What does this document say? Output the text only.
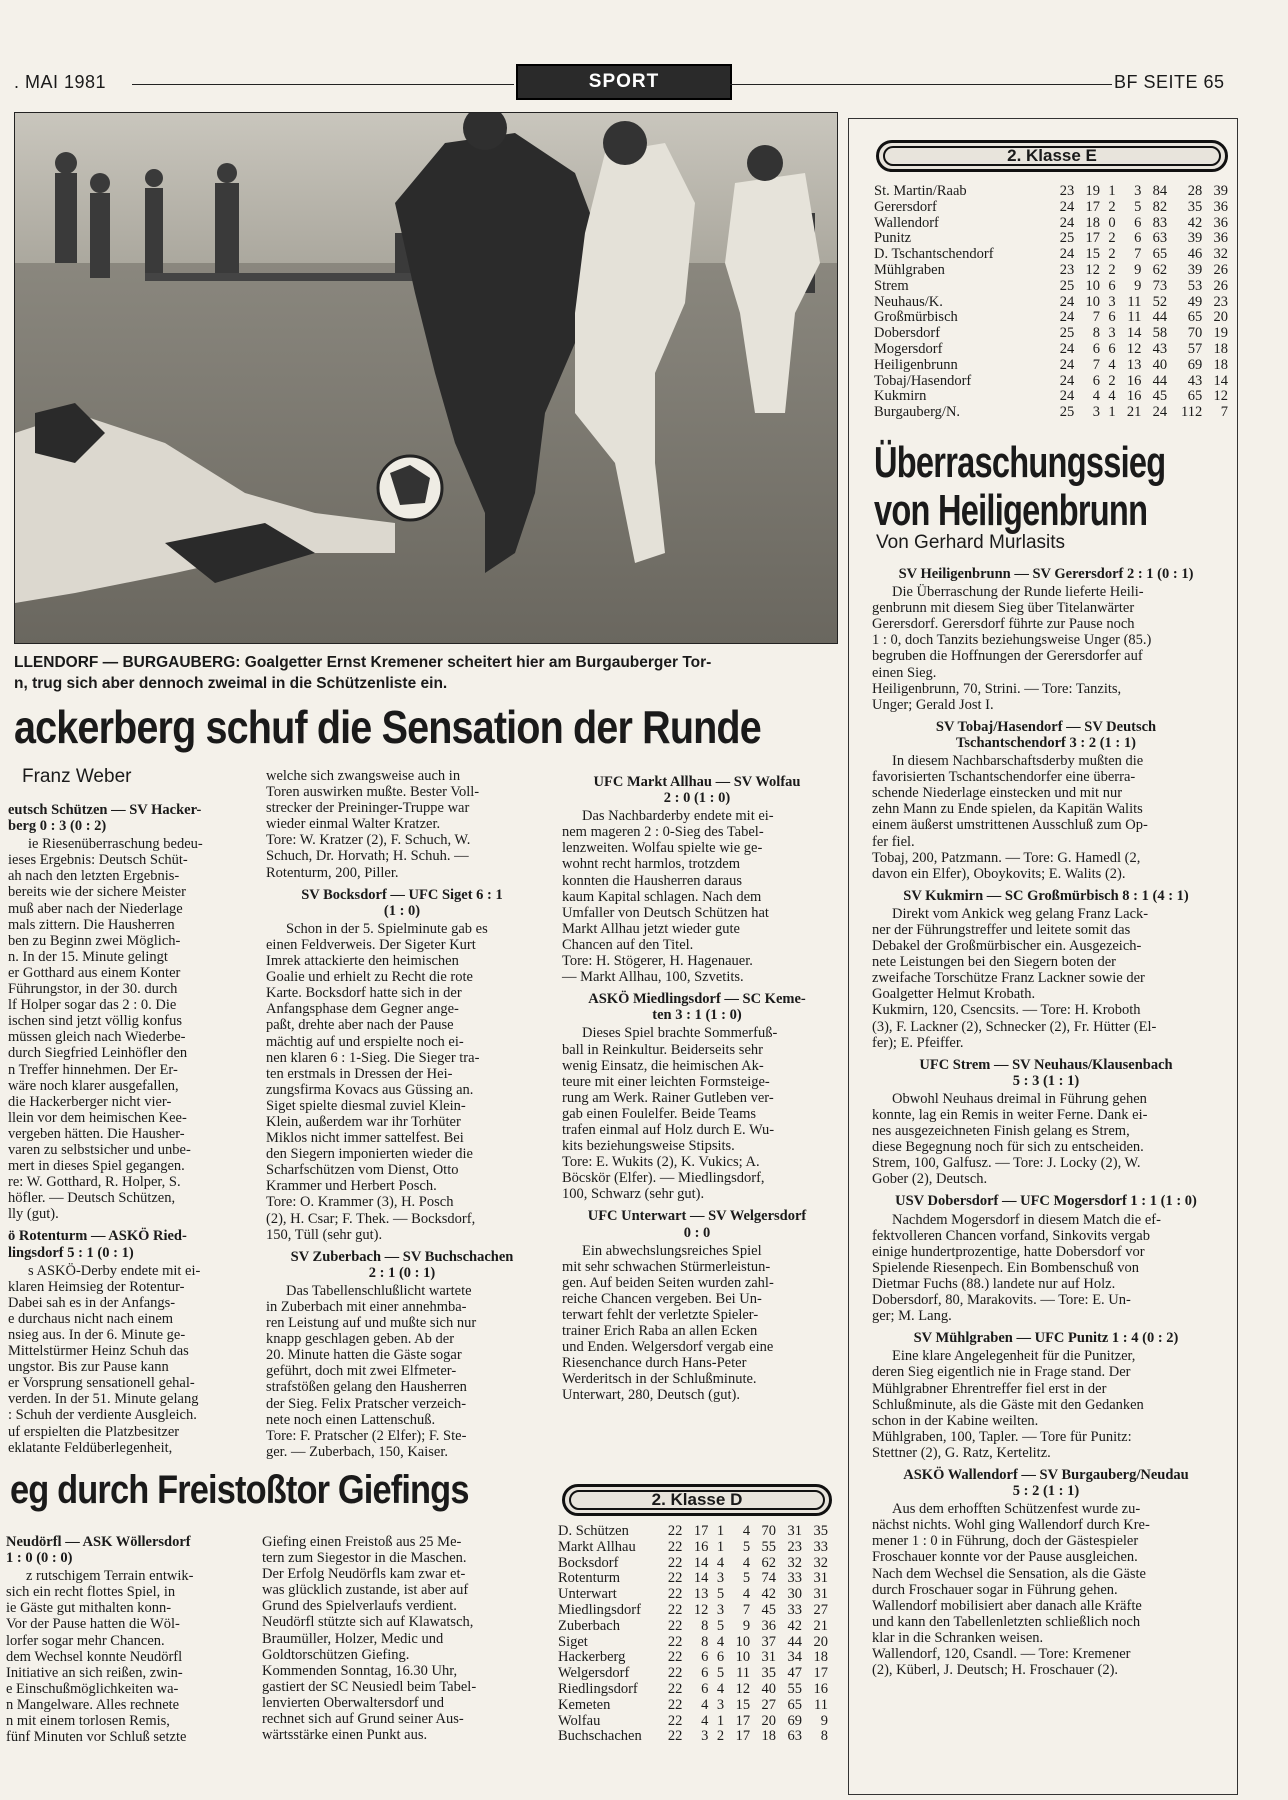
. MAI 1981	SPORT	BF SEITE 65
LLENDORF — BURGAUBERG: Goalgetter Ernst Kremener scheitert hier am Burgauberger Tor-
n, trug sich aber dennoch zweimal in die Schützenliste ein.
ackerberg schuf die Sensation der Runde
Franz Weber

eutsch Schützen — SV Hacker-
berg 0 : 3 (0 : 2)

ie Riesenüberraschung bedeu-
ieses Ergebnis: Deutsch Schüt-
ah nach den letzten Ergebnis-
bereits wie der sichere Meister
muß aber nach der Niederlage
mals zittern. Die Hausherren
ben zu Beginn zwei Möglich-
n. In der 15. Minute gelingt
er Gotthard aus einem Konter
Führungstor, in der 30. durch
lf Holper sogar das 2 : 0. Die
ischen sind jetzt völlig konfus
müssen gleich nach Wiederbe-
durch Siegfried Leinhöfler den
n Treffer hinnehmen. Der Er-
wäre noch klarer ausgefallen,
die Hackerberger nicht vier-
llein vor dem heimischen Kee-
vergeben hätten. Die Hausher-
varen zu selbstsicher und unbe-
mert in dieses Spiel gegangen.
re: W. Gotthard, R. Holper, S.
höfler. — Deutsch Schützen,
lly (gut).

ö Rotenturm — ASKÖ Ried-
lingsdorf 5 : 1 (0 : 1)

s ASKÖ-Derby endete mit ei-
klaren Heimsieg der Rotentur-
Dabei sah es in der Anfangs-
e durchaus nicht nach einem
nsieg aus. In der 6. Minute ge-
Mittelstürmer Heinz Schuh das
ungstor. Bis zur Pause kann
er Vorsprung sensationell gehal-
verden. In der 51. Minute gelang
: Schuh der verdiente Ausgleich.
uf erspielten die Platzbesitzer
eklatante Feldüberlegenheit,

welche sich zwangsweise auch in
Toren auswirken mußte. Bester Voll-
strecker der Preininger-Truppe war
wieder einmal Walter Kratzer.
Tore: W. Kratzer (2), F. Schuch, W.
Schuch, Dr. Horvath; H. Schuh. —
Rotenturm, 200, Piller.

SV Bocksdorf — UFC Siget 6 : 1
(1 : 0)

Schon in der 5. Spielminute gab es
einen Feldverweis. Der Sigeter Kurt
Imrek attackierte den heimischen
Goalie und erhielt zu Recht die rote
Karte. Bocksdorf hatte sich in der
Anfangsphase dem Gegner ange-
paßt, drehte aber nach der Pause
mächtig auf und erspielte noch ei-
nen klaren 6 : 1-Sieg. Die Sieger tra-
ten erstmals in Dressen der Hei-
zungsfirma Kovacs aus Güssing an.
Siget spielte diesmal zuviel Klein-
Klein, außerdem war ihr Torhüter
Miklos nicht immer sattelfest. Bei
den Siegern imponierten wieder die
Scharfschützen vom Dienst, Otto
Krammer und Herbert Posch.
Tore: O. Krammer (3), H. Posch
(2), H. Csar; F. Thek. — Bocksdorf,
150, Tüll (sehr gut).

SV Zuberbach — SV Buchschachen
2 : 1 (0 : 1)

Das Tabellenschlußlicht wartete
in Zuberbach mit einer annehmba-
ren Leistung auf und mußte sich nur
knapp geschlagen geben. Ab der
20. Minute hatten die Gäste sogar
geführt, doch mit zwei Elfmeter-
strafstößen gelang den Hausherren
der Sieg. Felix Pratscher verzeich-
nete noch einen Lattenschuß.
Tore: F. Pratscher (2 Elfer); F. Ste-
ger. — Zuberbach, 150, Kaiser.

UFC Markt Allhau — SV Wolfau
2 : 0 (1 : 0)

Das Nachbarderby endete mit ei-
nem mageren 2 : 0-Sieg des Tabel-
lenzweiten. Wolfau spielte wie ge-
wohnt recht harmlos, trotzdem
konnten die Hausherren daraus
kaum Kapital schlagen. Nach dem
Umfaller von Deutsch Schützen hat
Markt Allhau jetzt wieder gute
Chancen auf den Titel.
Tore: H. Stögerer, H. Hagenauer.
— Markt Allhau, 100, Szvetits.

ASKÖ Miedlingsdorf — SC Keme-
ten 3 : 1 (1 : 0)

Dieses Spiel brachte Sommerfuß-
ball in Reinkultur. Beiderseits sehr
wenig Einsatz, die heimischen Ak-
teure mit einer leichten Formsteige-
rung am Werk. Rainer Gutleben ver-
gab einen Foulelfer. Beide Teams
trafen einmal auf Holz durch E. Wu-
kits beziehungsweise Stipsits.
Tore: E. Wukits (2), K. Vukics; A.
Böcskör (Elfer). — Miedlingsdorf,
100, Schwarz (sehr gut).

UFC Unterwart — SV Welgersdorf
0 : 0

Ein abwechslungsreiches Spiel
mit sehr schwachen Stürmerleistun-
gen. Auf beiden Seiten wurden zahl-
reiche Chancen vergeben. Bei Un-
terwart fehlt der verletzte Spieler-
trainer Erich Raba an allen Ecken
und Enden. Welgersdorf vergab eine
Riesenchance durch Hans-Peter
Werderitsch in der Schlußminute.
Unterwart, 280, Deutsch (gut).

eg durch Freistoßtor Giefings

Neudörfl — ASK Wöllersdorf
1 : 0 (0 : 0)

z rutschigem Terrain entwik-
sich ein recht flottes Spiel, in
ie Gäste gut mithalten konn-
Vor der Pause hatten die Wöl-
lorfer sogar mehr Chancen.
dem Wechsel konnte Neudörfl
Initiative an sich reißen, zwin-
e Einschußmöglichkeiten wa-
n Mangelware. Alles rechnete
n mit einem torlosen Remis,
fünf Minuten vor Schluß setzte

Giefing einen Freistoß aus 25 Me-
tern zum Siegestor in die Maschen.
Der Erfolg Neudörfls kam zwar et-
was glücklich zustande, ist aber auf
Grund des Spielverlaufs verdient.
Neudörfl stützte sich auf Klawatsch,
Braumüller, Holzer, Medic und
Goldtorschützen Giefing.
Kommenden Sonntag, 16.30 Uhr,
gastiert der SC Neusiedl beim Tabel-
lenvierten Oberwaltersdorf und
rechnet sich auf Grund seiner Aus-
wärtsstärke einen Punkt aus.

2. Klasse D
D. Schützen	22	17	1	4	70	31	35
Markt Allhau	22	16	1	5	55	23	33
Bocksdorf	22	14	4	4	62	32	32
Rotenturm	22	14	3	5	74	33	31
Unterwart	22	13	5	4	42	30	31
Miedlingsdorf	22	12	3	7	45	33	27
Zuberbach	22	8	5	9	36	42	21
Siget	22	8	4	10	37	44	20
Hackerberg	22	6	6	10	31	34	18
Welgersdorf	22	6	5	11	35	47	17
Riedlingsdorf	22	6	4	12	40	55	16
Kemeten	22	4	3	15	27	65	11
Wolfau	22	4	1	17	20	69	9
Buchschachen	22	3	2	17	18	63	8
2. Klasse E
St. Martin/Raab	23	19	1	3	84	28	39
Gerersdorf	24	17	2	5	82	35	36
Wallendorf	24	18	0	6	83	42	36
Punitz	25	17	2	6	63	39	36
D. Tschantschendorf	24	15	2	7	65	46	32
Mühlgraben	23	12	2	9	62	39	26
Strem	25	10	6	9	73	53	26
Neuhaus/K.	24	10	3	11	52	49	23
Großmürbisch	24	7	6	11	44	65	20
Dobersdorf	25	8	3	14	58	70	19
Mogersdorf	24	6	6	12	43	57	18
Heiligenbrunn	24	7	4	13	40	69	18
Tobaj/Hasendorf	24	6	2	16	44	43	14
Kukmirn	24	4	4	16	45	65	12
Burgauberg/N.	25	3	1	21	24	112	7
Überraschungssieg
von Heiligenbrunn
Von Gerhard Murlasits

SV Heiligenbrunn — SV Gerersdorf 2 : 1 (0 : 1)

Die Überraschung der Runde lieferte Heili-
genbrunn mit diesem Sieg über Titelanwärter
Gerersdorf. Gerersdorf führte zur Pause noch
1 : 0, doch Tanzits beziehungsweise Unger (85.)
begruben die Hoffnungen der Gerersdorfer auf
einen Sieg.
Heiligenbrunn, 70, Strini. — Tore: Tanzits,
Unger; Gerald Jost I.

SV Tobaj/Hasendorf — SV Deutsch
Tschantschendorf 3 : 2 (1 : 1)

In diesem Nachbarschaftsderby mußten die
favorisierten Tschantschendorfer eine überra-
schende Niederlage einstecken und mit nur
zehn Mann zu Ende spielen, da Kapitän Walits
einem äußerst umstrittenen Ausschluß zum Op-
fer fiel.
Tobaj, 200, Patzmann. — Tore: G. Hamedl (2,
davon ein Elfer), Oboykovits; E. Walits (2).

SV Kukmirn — SC Großmürbisch 8 : 1 (4 : 1)

Direkt vom Ankick weg gelang Franz Lack-
ner der Führungstreffer und leitete somit das
Debakel der Großmürbischer ein. Ausgezeich-
nete Leistungen bei den Siegern boten der
zweifache Torschütze Franz Lackner sowie der
Goalgetter Helmut Krobath.
Kukmirn, 120, Csencsits. — Tore: H. Kroboth
(3), F. Lackner (2), Schnecker (2), Fr. Hütter (El-
fer); E. Pfeiffer.

UFC Strem — SV Neuhaus/Klausenbach
5 : 3 (1 : 1)

Obwohl Neuhaus dreimal in Führung gehen
konnte, lag ein Remis in weiter Ferne. Dank ei-
nes ausgezeichneten Finish gelang es Strem,
diese Begegnung noch für sich zu entscheiden.
Strem, 100, Galfusz. — Tore: J. Locky (2), W.
Gober (2), Deutsch.

USV Dobersdorf — UFC Mogersdorf 1 : 1 (1 : 0)

Nachdem Mogersdorf in diesem Match die ef-
fektvolleren Chancen vorfand, Sinkovits vergab
einige hundertprozentige, hatte Dobersdorf vor
Spielende Riesenpech. Ein Bombenschuß von
Dietmar Fuchs (88.) landete nur auf Holz.
Dobersdorf, 80, Marakovits. — Tore: E. Un-
ger; M. Lang.

SV Mühlgraben — UFC Punitz 1 : 4 (0 : 2)

Eine klare Angelegenheit für die Punitzer,
deren Sieg eigentlich nie in Frage stand. Der
Mühlgrabner Ehrentreffer fiel erst in der
Schlußminute, als die Gäste mit den Gedanken
schon in der Kabine weilten.
Mühlgraben, 100, Tapler. — Tore für Punitz:
Stettner (2), G. Ratz, Kertelitz.

ASKÖ Wallendorf — SV Burgauberg/Neudau
5 : 2 (1 : 1)

Aus dem erhofften Schützenfest wurde zu-
nächst nichts. Wohl ging Wallendorf durch Kre-
mener 1 : 0 in Führung, doch der Gästespieler
Froschauer konnte vor der Pause ausgleichen.
Nach dem Wechsel die Sensation, als die Gäste
durch Froschauer sogar in Führung gehen.
Wallendorf mobilisiert aber danach alle Kräfte
und kann den Tabellenletzten schließlich noch
klar in die Schranken weisen.
Wallendorf, 120, Csandl. — Tore: Kremener
(2), Küberl, J. Deutsch; H. Froschauer (2).
